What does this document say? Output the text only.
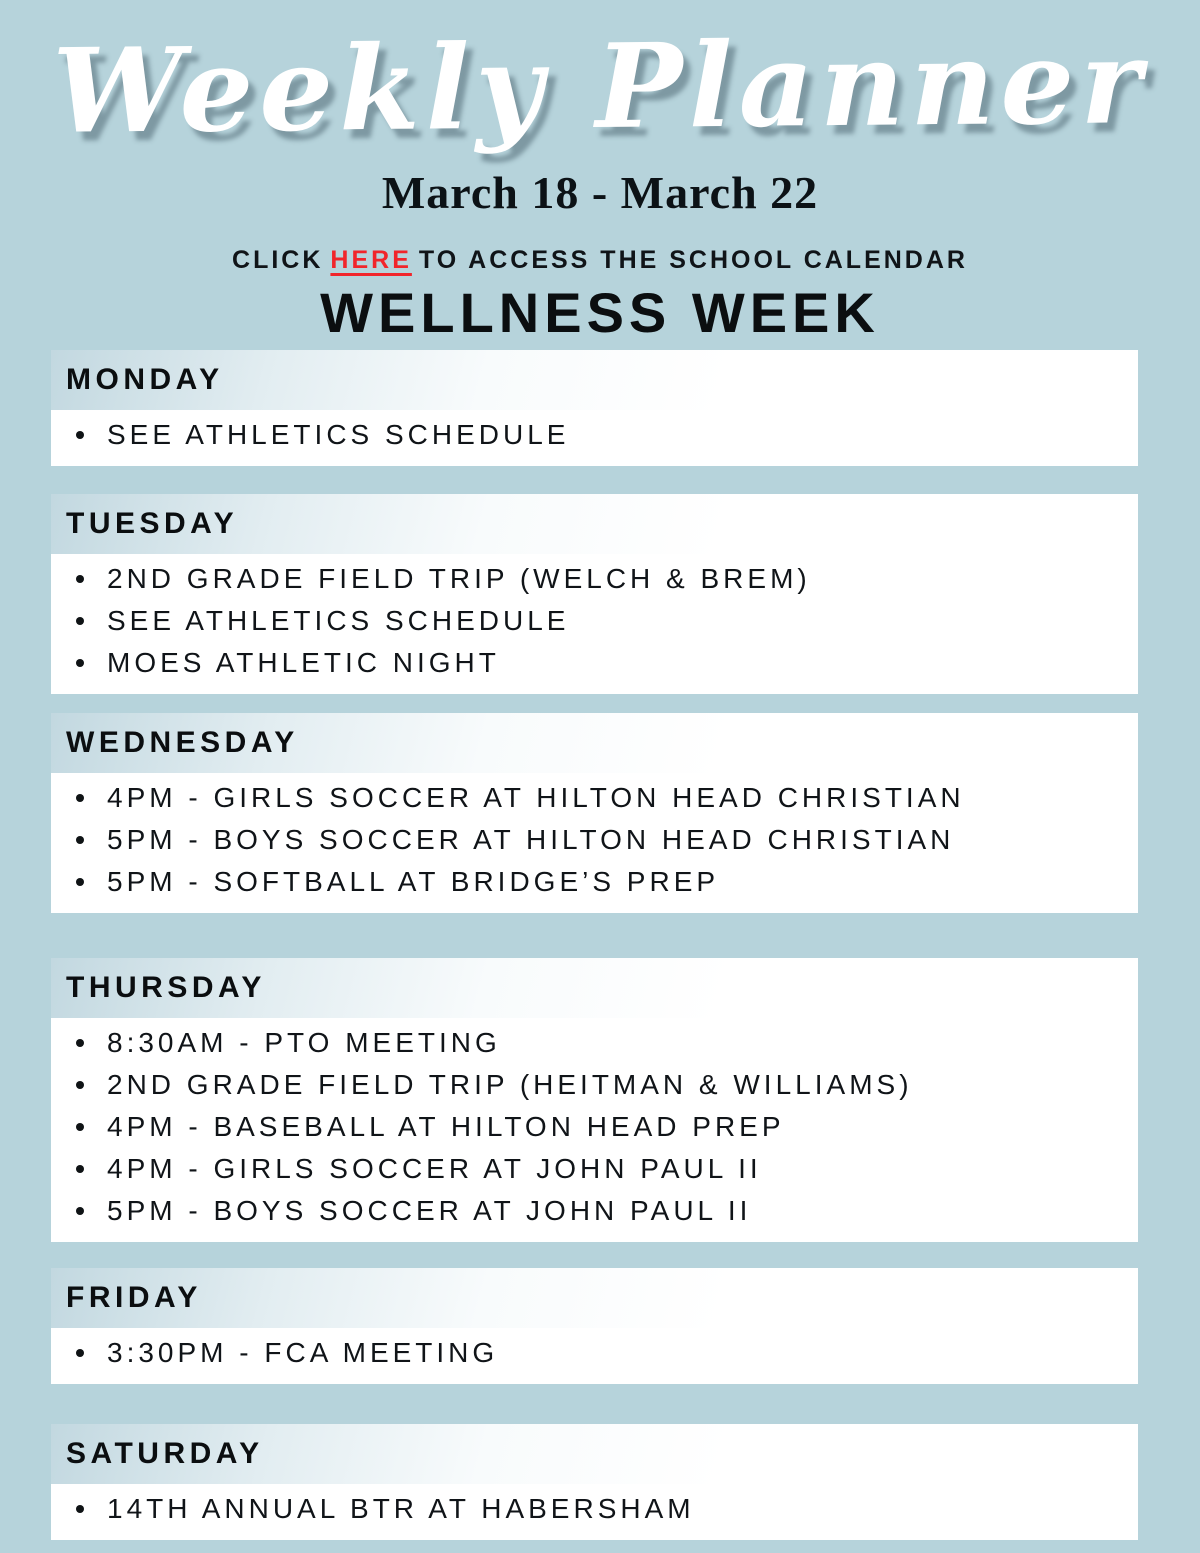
Weekly Planner
March 18 - March 22
CLICK HERE TO ACCESS THE SCHOOL CALENDAR
WELLNESS WEEK
MONDAY
SEE ATHLETICS SCHEDULE
TUESDAY
2ND GRADE FIELD TRIP (WELCH & BREM)
SEE ATHLETICS SCHEDULE
MOES ATHLETIC NIGHT
WEDNESDAY
4PM - GIRLS SOCCER AT HILTON HEAD CHRISTIAN
5PM - BOYS SOCCER AT HILTON HEAD CHRISTIAN
5PM - SOFTBALL AT BRIDGE’S PREP
THURSDAY
8:30AM - PTO MEETING
2ND GRADE FIELD TRIP (HEITMAN & WILLIAMS)
4PM - BASEBALL AT HILTON HEAD PREP
4PM - GIRLS SOCCER AT JOHN PAUL II
5PM - BOYS SOCCER AT JOHN PAUL II
FRIDAY
3:30PM - FCA MEETING
SATURDAY
14TH ANNUAL BTR AT HABERSHAM
